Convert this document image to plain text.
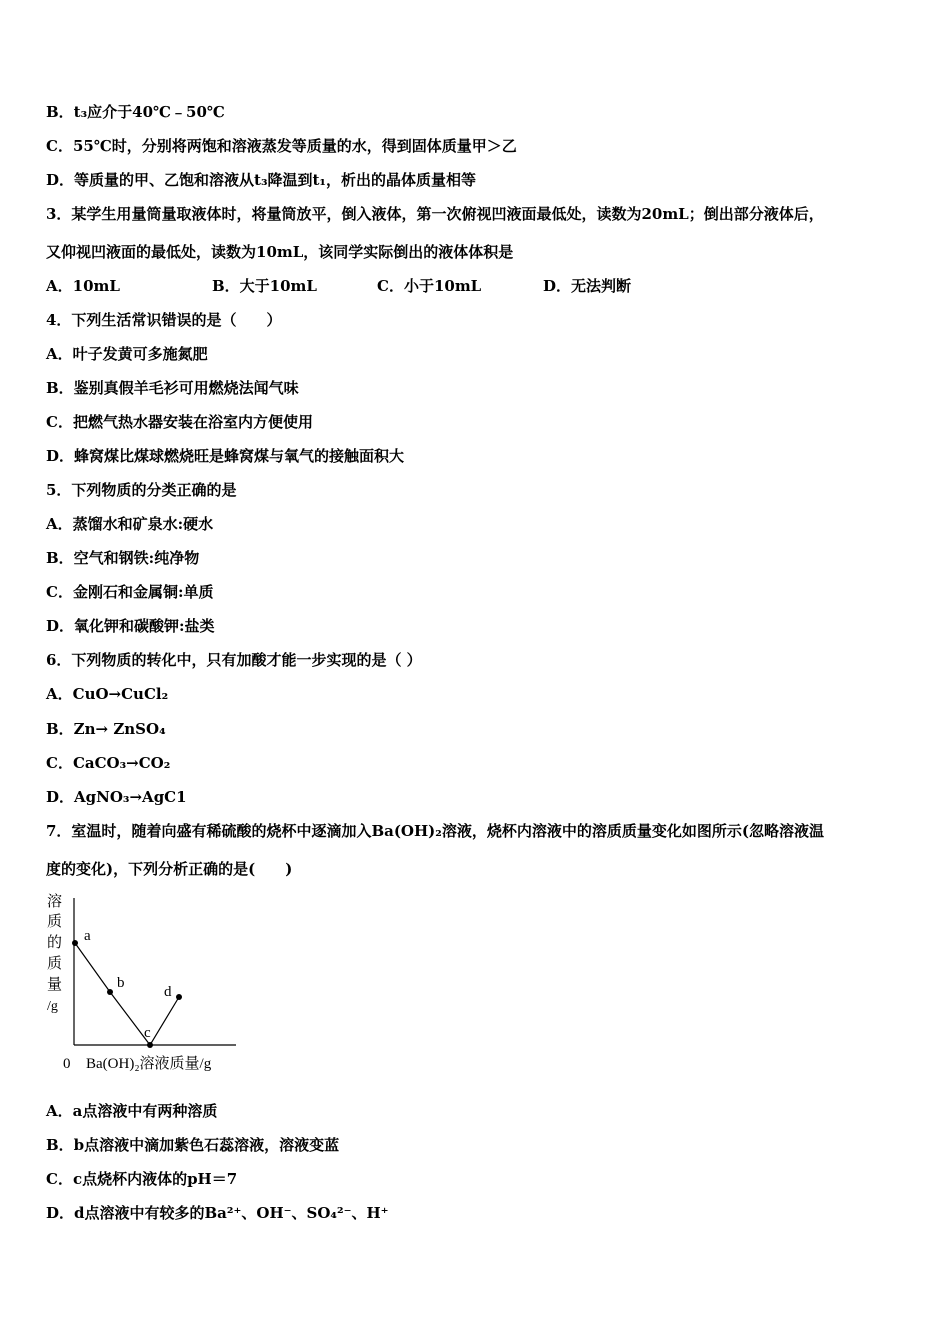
B．t₃应介于40℃﹣50℃
C．55℃时，分别将两饱和溶液蒸发等质量的水，得到固体质量甲＞乙
D．等质量的甲、乙饱和溶液从t₃降温到t₁，析出的晶体质量相等
3．某学生用量筒量取液体时，将量筒放平，倒入液体，第一次俯视凹液面最低处，读数为20mL；倒出部分液体后，
又仰视凹液面的最低处，读数为10mL，该同学实际倒出的液体体积是
A．10mL	B．大于10mL	C．小于10mL	D．无法判断
4．下列生活常识错误的是（　　）
A．叶子发黄可多施氮肥
B．鉴别真假羊毛衫可用燃烧法闻气味
C．把燃气热水器安装在浴室内方便使用
D．蜂窝煤比煤球燃烧旺是蜂窝煤与氧气的接触面积大
5．下列物质的分类正确的是
A．蒸馏水和矿泉水:硬水
B．空气和钢铁:纯净物
C．金刚石和金属铜:单质
D．氧化钾和碳酸钾:盐类
6．下列物质的转化中，只有加酸才能一步实现的是（ ）
A．CuO→CuCl₂
B．Zn→ ZnSO₄
C．CaCO₃→CO₂
D．AgNO₃→AgC1
7．室温时，随着向盛有稀硫酸的烧杯中逐滴加入Ba(OH)₂溶液，烧杯内溶液中的溶质质量变化如图所示(忽略溶液温
度的变化)，下列分析正确的是(　　)
溶
质
的
质
量
/g
a
b
c
d
0 Ba(OH)₂溶液质量/g
A．a点溶液中有两种溶质
B．b点溶液中滴加紫色石蕊溶液，溶液变蓝
C．c点烧杯内液体的pH＝7
D．d点溶液中有较多的Ba²⁺、OH⁻、SO₄²⁻、H⁺
